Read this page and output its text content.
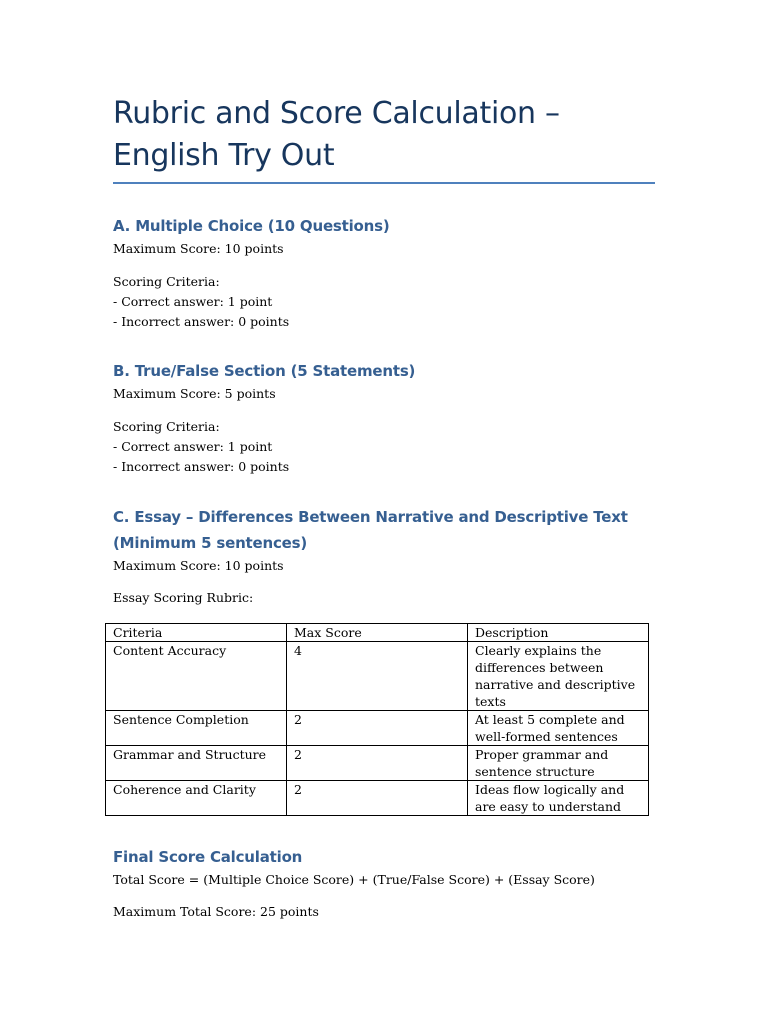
Rubric and Score Calculation – English Try Out
A. Multiple Choice (10 Questions)

Maximum Score: 10 points

Scoring Criteria:

- Correct answer: 1 point

- Incorrect answer: 0 points

B. True/False Section (5 Statements)

Maximum Score: 5 points

Scoring Criteria:

- Correct answer: 1 point

- Incorrect answer: 0 points

C. Essay – Differences Between Narrative and Descriptive Text (Minimum 5 sentences)

Maximum Score: 10 points

Essay Scoring Rubric:

Criteria	Max Score	Description
Content Accuracy	4	Clearly explains the differences between narrative and descriptive texts
Sentence Completion	2	At least 5 complete and well-formed sentences
Grammar and Structure	2	Proper grammar and sentence structure
Coherence and Clarity	2	Ideas flow logically and are easy to understand
Final Score Calculation

Total Score = (Multiple Choice Score) + (True/False Score) + (Essay Score)

Maximum Total Score: 25 points
